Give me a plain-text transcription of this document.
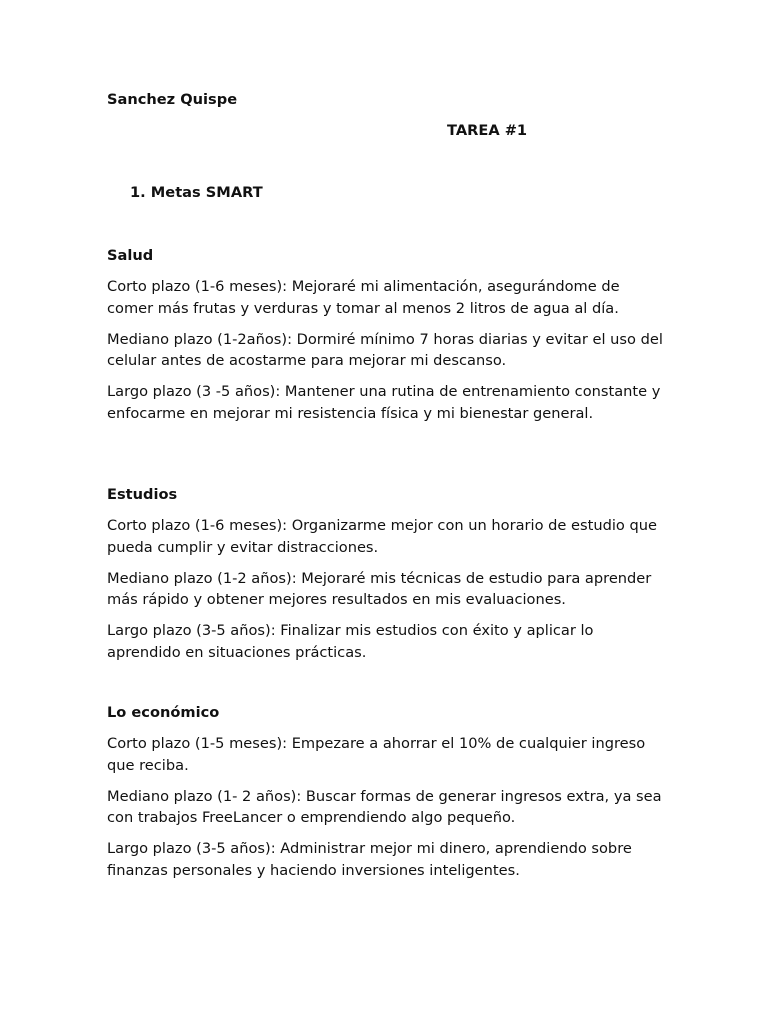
Sanchez Quispe

TAREA #1

1. Metas SMART

Salud

Corto plazo (1-6 meses): Mejoraré mi alimentación, asegurándome de comer más frutas y verduras y tomar al menos 2 litros de agua al día.

Mediano plazo (1-2años): Dormiré mínimo 7 horas diarias y evitar el uso del celular antes de acostarme para mejorar mi descanso.

Largo plazo (3 -5 años): Mantener una rutina de entrenamiento constante y enfocarme en mejorar mi resistencia física y mi bienestar general.

Estudios

Corto plazo (1-6 meses): Organizarme mejor con un horario de estudio que pueda cumplir y evitar distracciones.

Mediano plazo (1-2 años): Mejoraré mis técnicas de estudio para aprender más rápido y obtener mejores resultados en mis evaluaciones.

Largo plazo (3-5 años): Finalizar mis estudios con éxito y aplicar lo aprendido en situaciones prácticas.

Lo económico

Corto plazo (1-5 meses): Empezare a ahorrar el 10% de cualquier ingreso que reciba.

Mediano plazo (1- 2 años): Buscar formas de generar ingresos extra, ya sea con trabajos FreeLancer o emprendiendo algo pequeño.

Largo plazo (3-5 años): Administrar mejor mi dinero, aprendiendo sobre finanzas personales y haciendo inversiones inteligentes.
